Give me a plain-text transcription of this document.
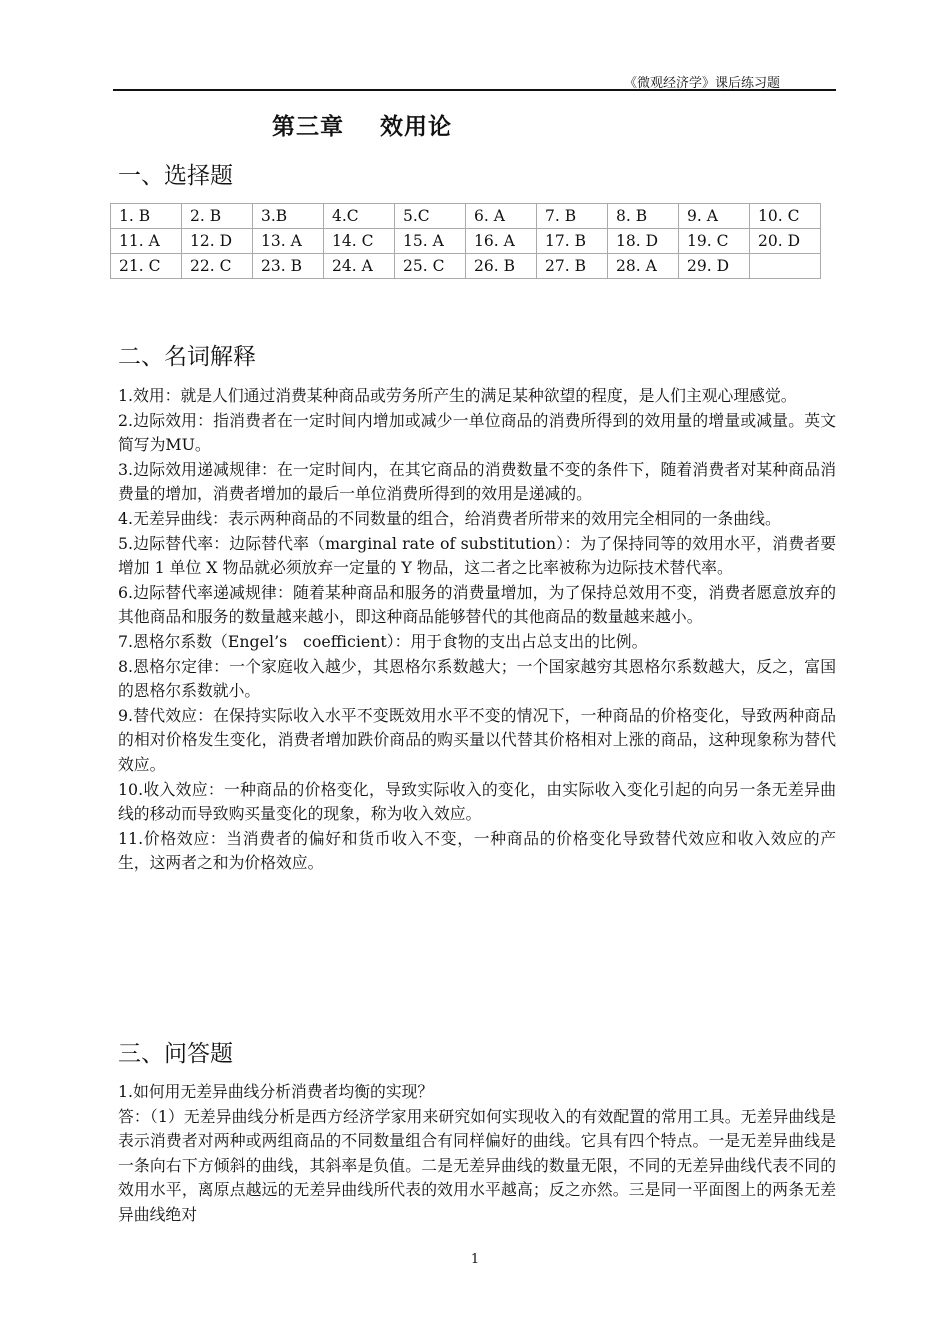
《微观经济学》课后练习题
第三章    效用论
一、选择题
1. B	2. B	3.B	4.C	5.C	6. A	7. B	8. B	9. A	10. C
11. A	12. D	13. A	14. C	15. A	16. A	17. B	18. D	19. C	20. D
21. C	22. C	23. B	24. A	25. C	26. B	27. B	28. A	29. D	
二、名词解释

1.效用：就是人们通过消费某种商品或劳务所产生的满足某种欲望的程度，是人们主观心理感觉。

2.边际效用：指消费者在一定时间内增加或减少一单位商品的消费所得到的效用量的增量或减量。英文简写为MU。

3.边际效用递减规律：在一定时间内，在其它商品的消费数量不变的条件下，随着消费者对某种商品消费量的增加，消费者增加的最后一单位消费所得到的效用是递减的。

4.无差异曲线：表示两种商品的不同数量的组合，给消费者所带来的效用完全相同的一条曲线。

5.边际替代率：边际替代率（marginal rate of substitution）：为了保持同等的效用水平，消费者要增加 1 单位 X 物品就必须放弃一定量的 Y 物品，这二者之比率被称为边际技术替代率。

6.边际替代率递减规律：随着某种商品和服务的消费量增加，为了保持总效用不变，消费者愿意放弃的其他商品和服务的数量越来越小，即这种商品能够替代的其他商品的数量越来越小。

7.恩格尔系数（Engel’s　coefficient）：用于食物的支出占总支出的比例。

8.恩格尔定律：一个家庭收入越少，其恩格尔系数越大；一个国家越穷其恩格尔系数越大，反之，富国的恩格尔系数就小。

9.替代效应：在保持实际收入水平不变既效用水平不变的情况下，一种商品的价格变化，导致两种商品的相对价格发生变化，消费者增加跌价商品的购买量以代替其价格相对上涨的商品，这种现象称为替代效应。

10.收入效应：一种商品的价格变化，导致实际收入的变化，由实际收入变化引起的向另一条无差异曲线的移动而导致购买量变化的现象，称为收入效应。

11.价格效应：当消费者的偏好和货币收入不变，一种商品的价格变化导致替代效应和收入效应的产生，这两者之和为价格效应。

三、问答题

1.如何用无差异曲线分析消费者均衡的实现？

答：（1）无差异曲线分析是西方经济学家用来研究如何实现收入的有效配置的常用工具。无差异曲线是表示消费者对两种或两组商品的不同数量组合有同样偏好的曲线。它具有四个特点。一是无差异曲线是一条向右下方倾斜的曲线，其斜率是负值。二是无差异曲线的数量无限，不同的无差异曲线代表不同的效用水平，离原点越远的无差异曲线所代表的效用水平越高；反之亦然。三是同一平面图上的两条无差异曲线绝对

1
